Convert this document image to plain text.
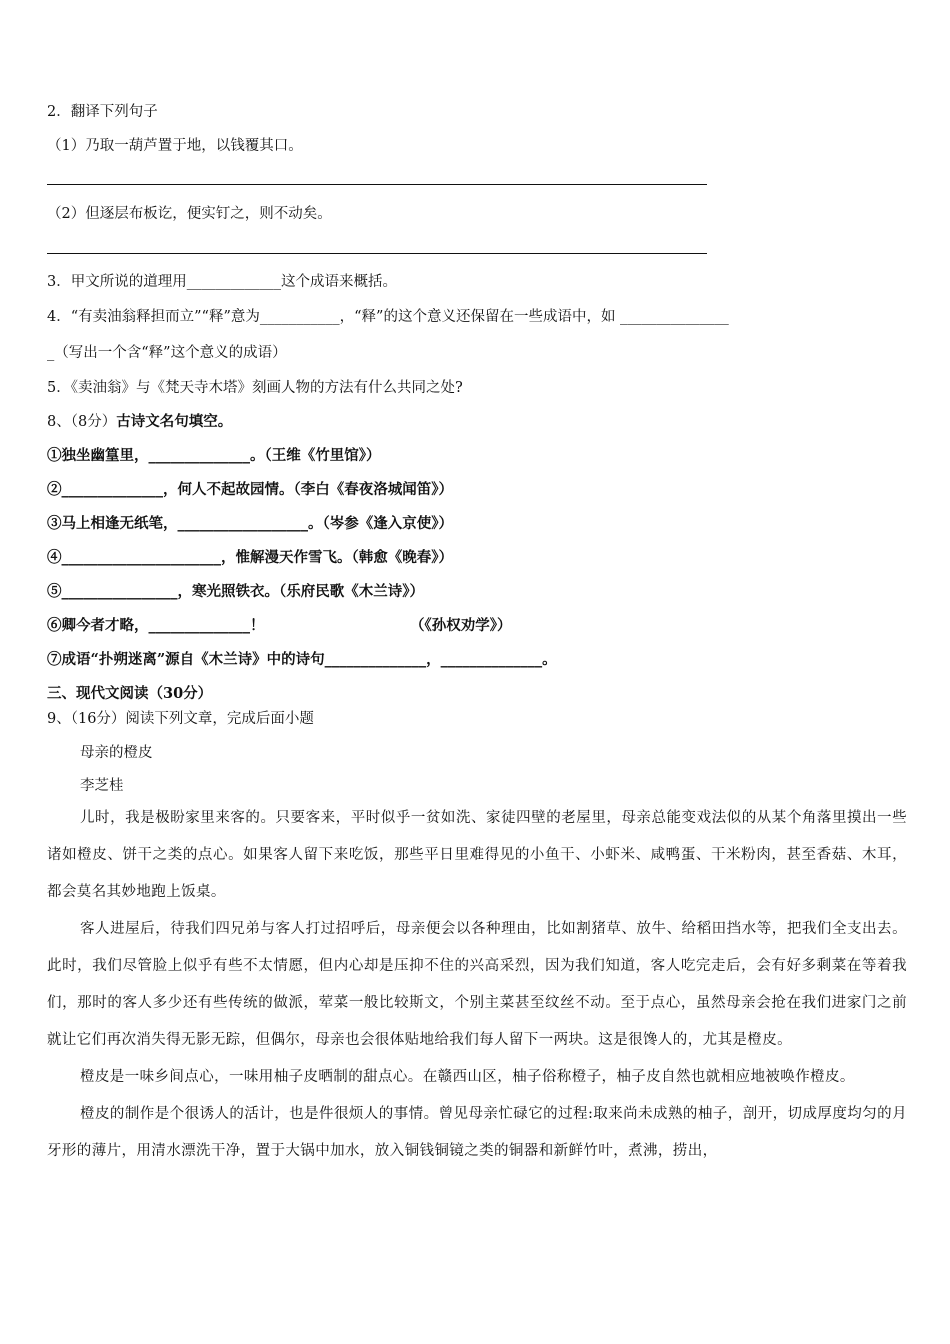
2．翻译下列句子
（1）乃取一葫芦置于地，以钱覆其口。
（2）但逐层布板讫，便实钉之，则不动矣。
3．甲文所说的道理用_____________这个成语来概括。
4．“有卖油翁释担而立”“释”意为___________，“释”的这个意义还保留在一些成语中，如 _______________
_（写出一个含“释”这个意义的成语）
5．《卖油翁》与《梵天寺木塔》刻画人物的方法有什么共同之处?
8、（8分）古诗文名句填空。
①独坐幽篁里，______________。（王维《竹里馆》）
②______________，何人不起故园情。（李白《春夜洛城闻笛》）
③马上相逢无纸笔，__________________。（岑参《逢入京使》）
④______________________，惟解漫天作雪飞。（韩愈《晚春》）
⑤________________，寒光照铁衣。（乐府民歌《木兰诗》）
⑥卿今者才略，______________！	（《孙权劝学》）
⑦成语“扑朔迷离”源自《木兰诗》中的诗句______________，______________。
三、现代文阅读（30分）
9、（16分）阅读下列文章，完成后面小题
母亲的橙皮
李芝桂

儿时，我是极盼家里来客的。只要客来，平时似乎一贫如洗、家徒四壁的老屋里，母亲总能变戏法似的从某个角落里摸出一些诸如橙皮、饼干之类的点心。如果客人留下来吃饭，那些平日里难得见的小鱼干、小虾米、咸鸭蛋、干米粉肉，甚至香菇、木耳，都会莫名其妙地跑上饭桌。

客人进屋后，待我们四兄弟与客人打过招呼后，母亲便会以各种理由，比如割猪草、放牛、给稻田挡水等，把我们全支出去。此时，我们尽管脸上似乎有些不太情愿，但内心却是压抑不住的兴高采烈，因为我们知道，客人吃完走后，会有好多剩菜在等着我们，那时的客人多少还有些传统的做派，荤菜一般比较斯文，个别主菜甚至纹丝不动。至于点心，虽然母亲会抢在我们进家门之前就让它们再次消失得无影无踪，但偶尔，母亲也会很体贴地给我们每人留下一两块。这是很馋人的，尤其是橙皮。

橙皮是一味乡间点心，一味用柚子皮晒制的甜点心。在赣西山区，柚子俗称橙子，柚子皮自然也就相应地被唤作橙皮。

橙皮的制作是个很诱人的活计，也是件很烦人的事情。曾见母亲忙碌它的过程:取来尚未成熟的柚子，剖开，切成厚度均匀的月牙形的薄片，用清水漂洗干净，置于大锅中加水，放入铜钱铜镜之类的铜器和新鲜竹叶，煮沸，捞出，
